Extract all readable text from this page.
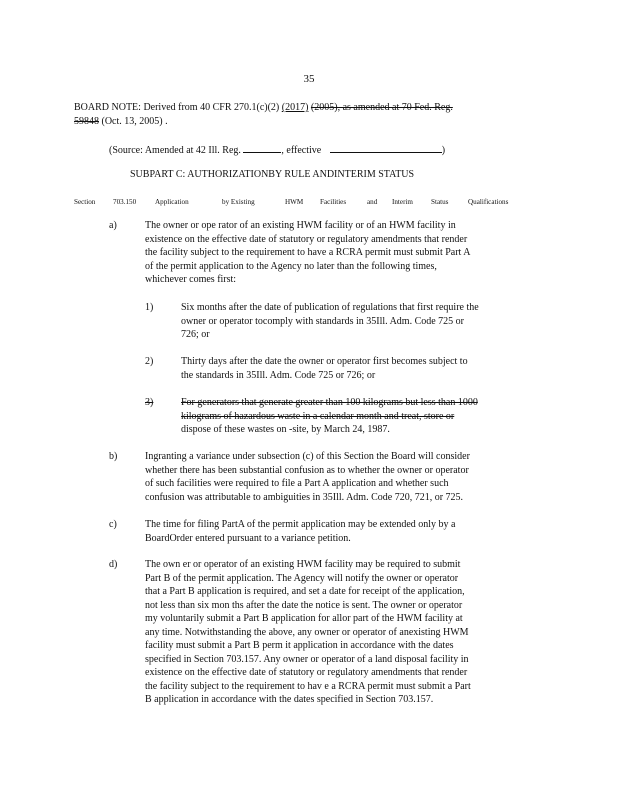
35
BOARD NOTE: Derived from 40 CFR 270.1(c)(2) (2017) (2005), as amended at 70 Fed. Reg.
59848 (Oct. 13, 2005) .
(Source: Amended at 42 Ill. Reg.	, effective	)
SUBPART C: AUTHORIZATIONBY RULE ANDINTERIM STATUS
Section 703.150	Application	by Existing	HWM Facilities	and Interim Status	Qualifications
a)	The owner or ope rator of an existing HWM facility or of an HWM facility in
existence on the effective date of statutory or regulatory amendments that render
the facility subject to the requirement to have a RCRA permit must submit Part A
of the permit application to the Agency no later than the following times,
whichever comes first:
1)	Six months after the date of publication of regulations that first require the
owner or operator tocomply with standards in 35Ill. Adm. Code 725 or
726; or
2)	Thirty days after the date the owner or operator first becomes subject to
the standards in 35Ill. Adm. Code 725 or 726; or
3)	For generators that generate greater than 100 kilograms but less than 1000
kilograms of hazardous waste in a calendar month and treat, store or
dispose of these wastes on -site, by March 24, 1987.
b)	Ingranting a variance under subsection (c) of this Section the Board will consider
whether there has been substantial confusion as to whether the owner or operator
of such facilities were required to file a Part A application and whether such
confusion was attributable to ambiguities in 35Ill. Adm. Code 720, 721, or 725.
c)	The time for filing PartA of the permit application may be extended only by a
BoardOrder entered pursuant to a variance petition.
d)	The own er or operator of an existing HWM facility may be required to submit
Part B of the permit application. The Agency will notify the owner or operator
that a Part B application is required, and set a date for receipt of the application,
not less than six mon ths after the date the notice is sent. The owner or operator
my voluntarily submit a Part B application for allor part of the HWM facility at
any time. Notwithstanding the above, any owner or operator of anexisting HWM
facility must submit a Part B perm it application in accordance with the dates
specified in Section 703.157. Any owner or operator of a land disposal facility in
existence on the effective date of statutory or regulatory amendments that render
the facility subject to the requirement to hav e a RCRA permit must submit a Part
B application in accordance with the dates specified in Section 703.157.
